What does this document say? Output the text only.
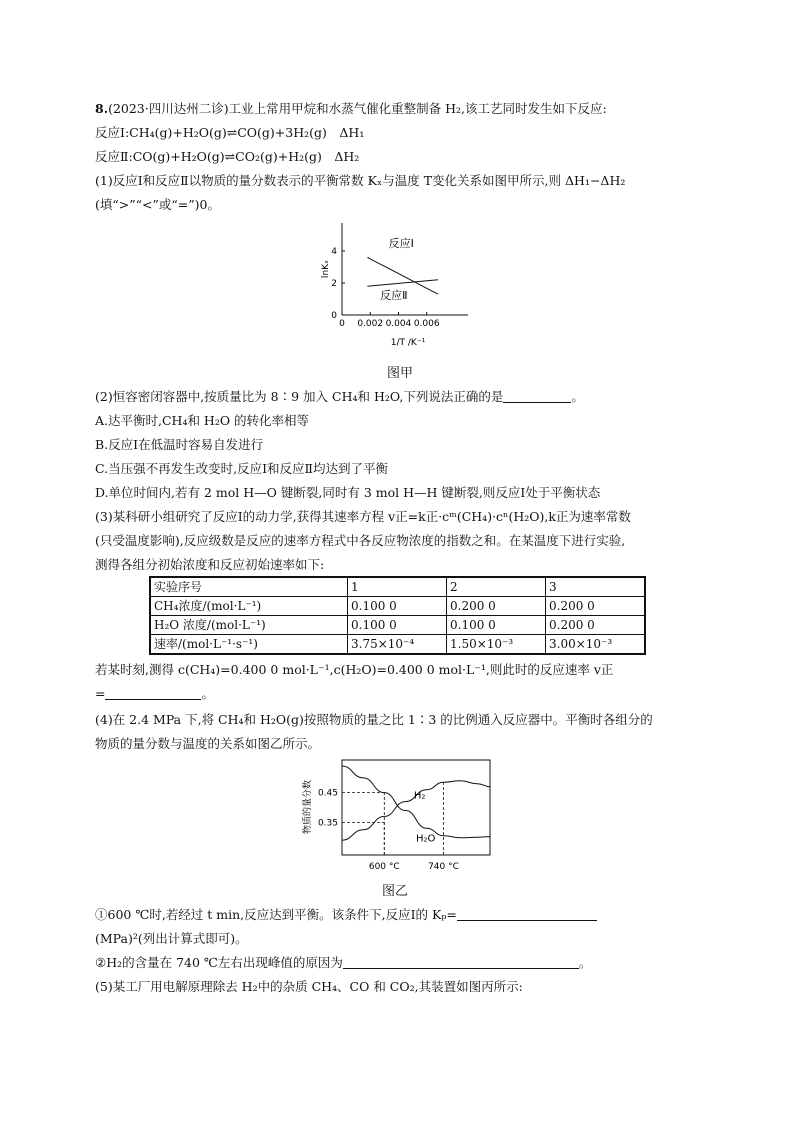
8.(2023·四川达州二诊)工业上常用甲烷和水蒸气催化重整制备 H₂,该工艺同时发生如下反应:
反应Ⅰ:CH₄(g)+H₂O(g)⇌CO(g)+3H₂(g)　ΔH₁
反应Ⅱ:CO(g)+H₂O(g)⇌CO₂(g)+H₂(g)　ΔH₂
(1)反应Ⅰ和反应Ⅱ以物质的量分数表示的平衡常数 Kₓ与温度 T变化关系如图甲所示,则 ΔH₁−ΔH₂
(填“>”“<”或“=”)0。
0 0.002 0.004 0.006
0
2
4
lnKₓ
1/T /K⁻¹
反应Ⅰ
反应Ⅱ
图甲
(2)恒容密闭容器中,按质量比为 8∶9 加入 CH₄和 H₂O,下列说法正确的是	。
A.达平衡时,CH₄和 H₂O 的转化率相等
B.反应Ⅰ在低温时容易自发进行
C.当压强不再发生改变时,反应Ⅰ和反应Ⅱ均达到了平衡
D.单位时间内,若有 2 mol H—O 键断裂,同时有 3 mol H—H 键断裂,则反应Ⅰ处于平衡状态
(3)某科研小组研究了反应Ⅰ的动力学,获得其速率方程 v正=k正·cᵐ(CH₄)·cⁿ(H₂O),k正为速率常数
(只受温度影响),反应级数是反应的速率方程式中各反应物浓度的指数之和。在某温度下进行实验,
测得各组分初始浓度和反应初始速率如下:
实验序号	1	2	3
CH₄浓度/(mol·L⁻¹)	0.100 0	0.200 0	0.200 0
H₂O 浓度/(mol·L⁻¹)	0.100 0	0.100 0	0.200 0
速率/(mol·L⁻¹·s⁻¹)	3.75×10⁻⁴	1.50×10⁻³	3.00×10⁻³
若某时刻,测得 c(CH₄)=0.400 0 mol·L⁻¹,c(H₂O)=0.400 0 mol·L⁻¹,则此时的反应速率 v正
=	。
(4)在 2.4 MPa 下,将 CH₄和 H₂O(g)按照物质的量之比 1∶3 的比例通入反应器中。平衡时各组分的
物质的量分数与温度的关系如图乙所示。
0.45
0.35
600 °C	740 °C
物质的量分数	H₂
H₂O
图乙
①600 ℃时,若经过 t min,反应达到平衡。该条件下,反应Ⅰ的 Kₚ=
(MPa)²(列出计算式即可)。
②H₂的含量在 740 ℃左右出现峰值的原因为	。
(5)某工厂用电解原理除去 H₂中的杂质 CH₄、CO 和 CO₂,其装置如图丙所示:
